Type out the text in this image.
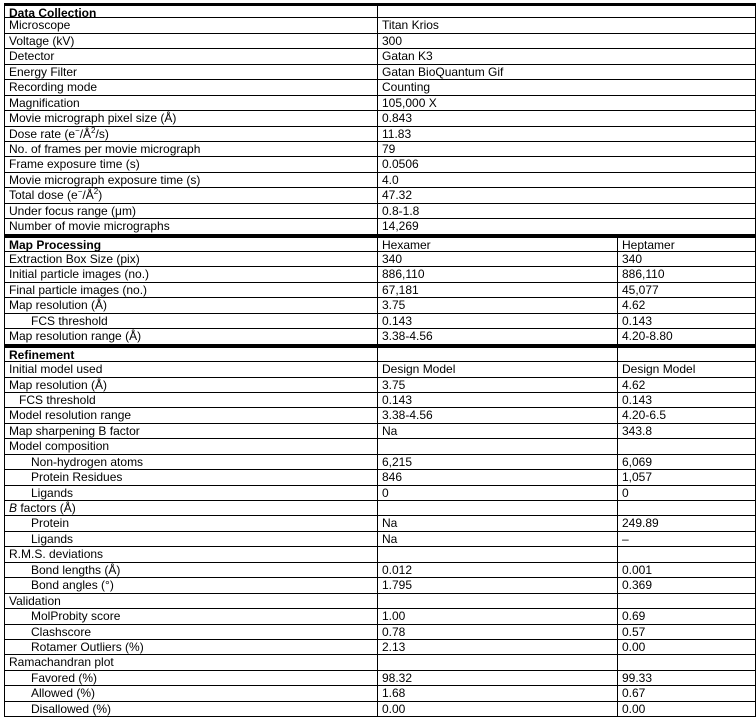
Data Collection
Microscope	Titan Krios
Voltage (kV)	300
Detector	Gatan K3
Energy Filter	Gatan BioQuantum Gif
Recording mode	Counting
Magnification	105,000 X
Movie micrograph pixel size (Å)	0.843
Dose rate $(e^-/Å^2/s)$	11.83
No. of frames per movie micrograph	79
Frame exposure time (s)	0.0506
Movie micrograph exposure time (s)	4.0
Total dose $(e^-/Å^2)$	47.32
Under focus range (μm)	0.8-1.8
Number of movie micrographs	14,269
Map Processing	Hexamer	Heptamer
Extraction Box Size (pix)	340	340
Initial particle images (no.)	886,110	886,110
Final particle images (no.)	67,181	45,077
Map resolution (Å)	3.75	4.62
FCS threshold	0.143	0.143
Map resolution range (Å)	3.38-4.56	4.20-8.80
Refinement
Initial model used	Design Model	Design Model
Map resolution (Å)	3.75	4.62
FCS threshold	0.143	0.143
Model resolution range	3.38-4.56	4.20-6.5
Map sharpening B factor	Na	343.8
Model composition
Non-hydrogen atoms	6,215	6,069
Protein Residues	846	1,057
Ligands	0	0
B factors (Å)
Protein	Na	249.89
Ligands	Na	–
R.M.S. deviations
Bond lengths (Å)	0.012	0.001
Bond angles (°)	1.795	0.369
Validation
MolProbity score	1.00	0.69
Clashscore	0.78	0.57
Rotamer Outliers (%)	2.13	0.00
Ramachandran plot
Favored (%)	98.32	99.33
Allowed (%)	1.68	0.67
Disallowed (%)	0.00	0.00
